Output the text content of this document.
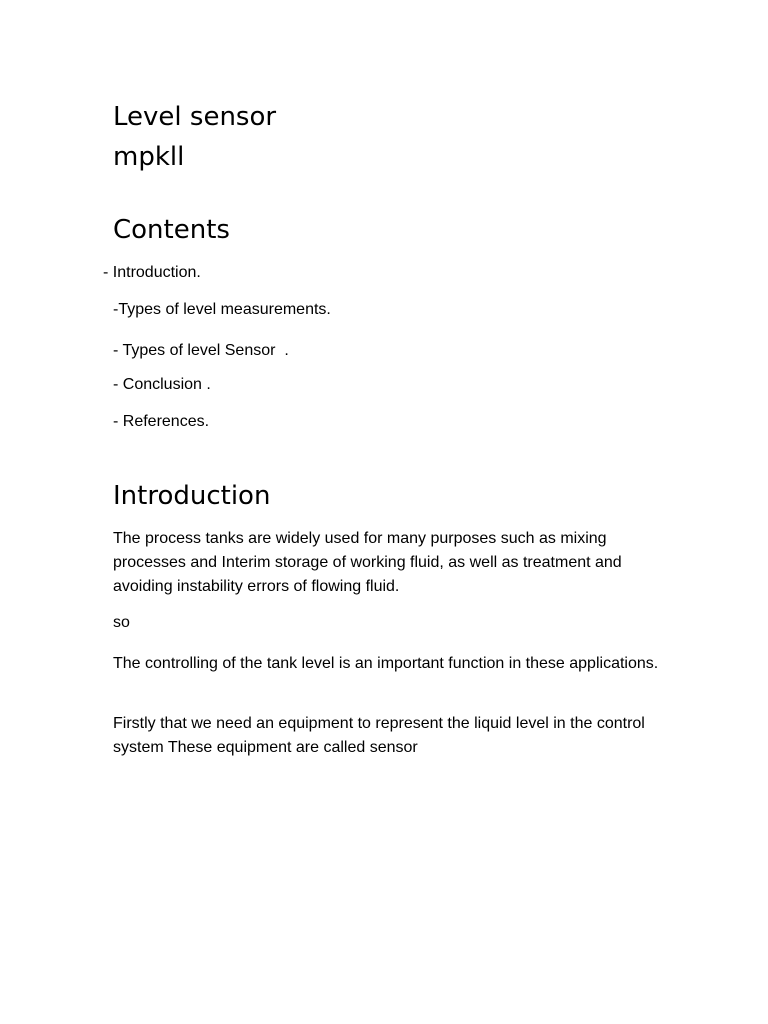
Level sensor
mpkll
Contents
- Introduction.
-Types of level measurements.
- Types of level Sensor  .
- Conclusion .
- References.
Introduction

The process tanks are widely used for many purposes such as mixing processes and Interim storage of working fluid, as well as treatment and avoiding instability errors of flowing fluid.

so

The controlling of the tank level is an important function in these applications.

Firstly that we need an equipment to represent the liquid level in the control system These equipment are called sensor
